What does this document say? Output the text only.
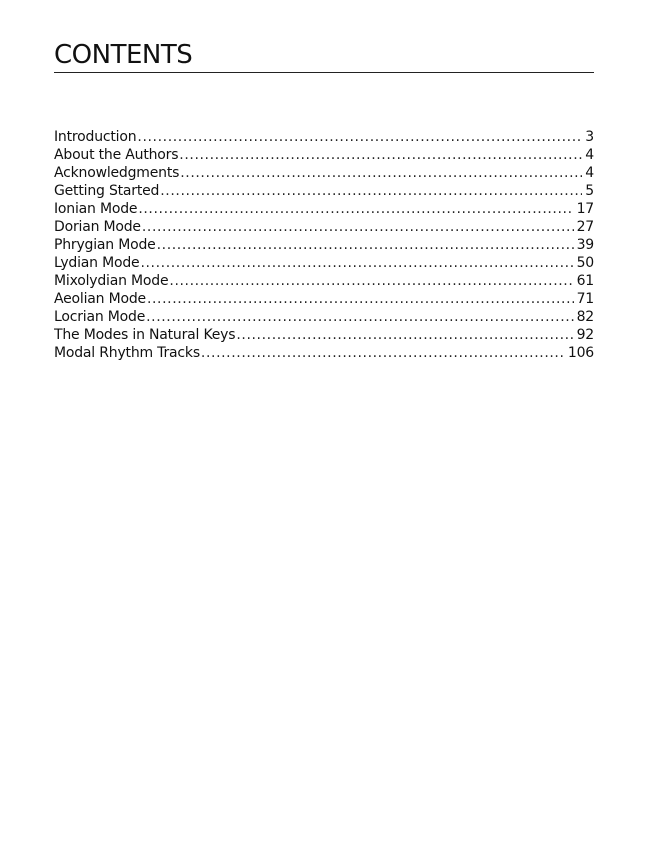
CONTENTS
Introduction .....	3
About the Authors .....	4
Acknowledgments .....	4
Getting Started .....	5
Ionian Mode .....	17
Dorian Mode .....	27
Phrygian Mode .....	39
Lydian Mode .....	50
Mixolydian Mode .....	61
Aeolian Mode .....	71
Locrian Mode .....	82
The Modes in Natural Keys .....	92
Modal Rhythm Tracks .....	106
